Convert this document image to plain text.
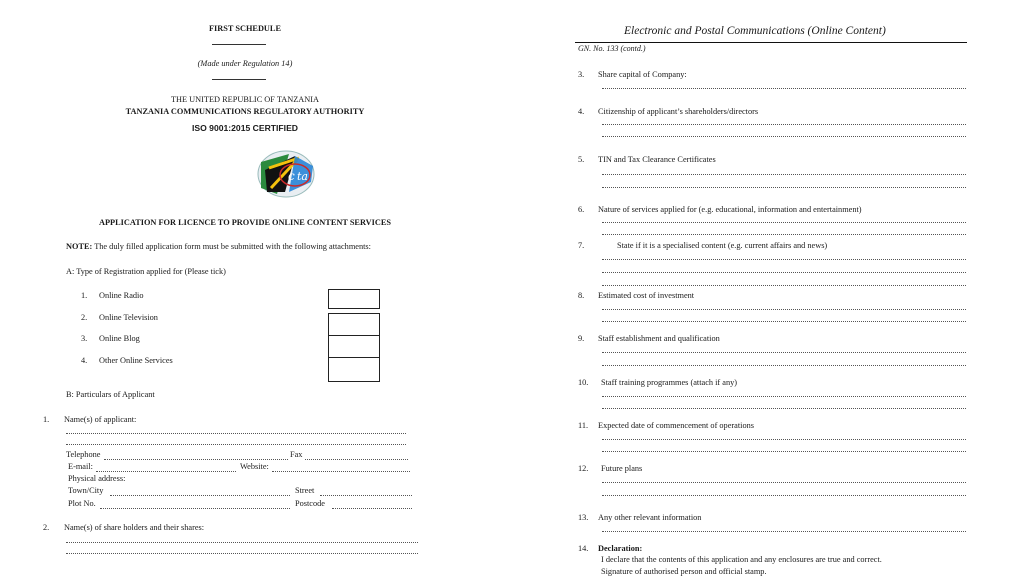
FIRST SCHEDULE
(Made under Regulation 14)
THE UNITED REPUBLIC OF TANZANIA
TANZANIA COMMUNICATIONS REGULATORY AUTHORITY
ISO 9001:2015 CERTIFIED
c ta
APPLICATION FOR LICENCE TO PROVIDE ONLINE CONTENT SERVICES
NOTE: The duly filled application form must be submitted with the following attachments:
A: Type of Registration applied for (Please tick)
1. Online Radio
2. Online Television
3. Online Blog
4. Other Online Services
B: Particulars of Applicant
1. Name(s) of applicant:
Telephone	Fax
E-mail:	Website:
Physical address:
Town/City	Street
Plot No.	Postcode
2. Name(s) of share holders and their shares:
Electronic and Postal Communications (Online Content)
GN. No. 133 (contd.)
3. Share capital of Company:
4. Citizenship of applicant’s shareholders/directors
5. TIN and Tax Clearance Certificates
6. Nature of services applied for (e.g. educational, information and entertainment)
7.	State if it is a specialised content (e.g. current affairs and news)
8. Estimated cost of investment
9. Staff establishment and qualification
10. Staff training programmes (attach if any)
11. Expected date of commencement of operations
12. Future plans
13. Any other relevant information
14. Declaration:
I declare that the contents of this application and any enclosures are true and correct.
Signature of authorised person and official stamp.
